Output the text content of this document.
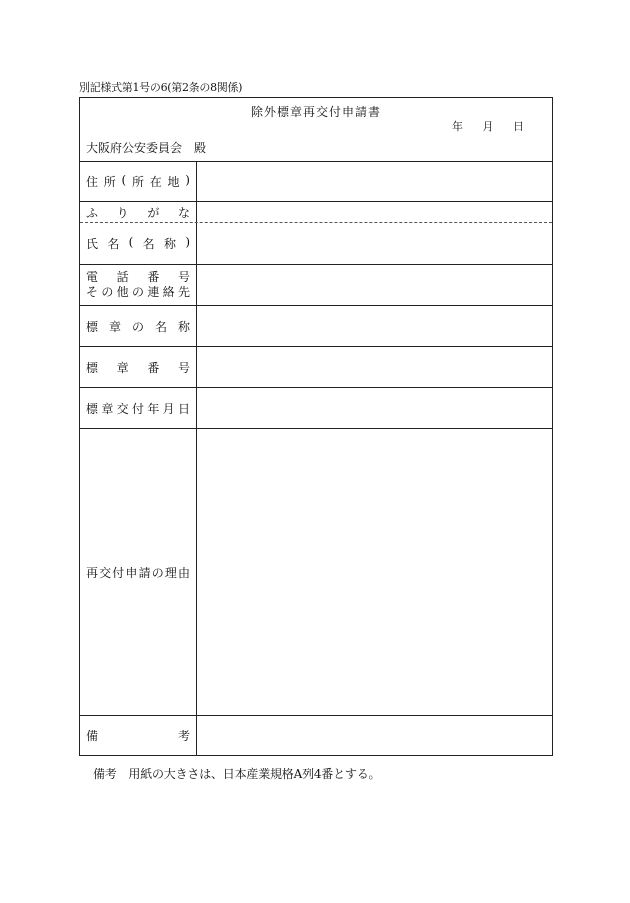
別記様式第1号の6(第2条の8関係)
除外標章再交付申請書
年 月 日
大阪府公安委員会　殿
住 所 ( 所 在 地 )
ふ り が な
氏 名 ( 名 称 )
電 話 番 号
そ の 他 の 連 絡 先
標 章 の 名 称
標 章 番 号
標 章 交 付 年 月 日
再 交 付 申 請 の 理 由
備	考
備考　用紙の大きさは、日本産業規格A列4番とする。
